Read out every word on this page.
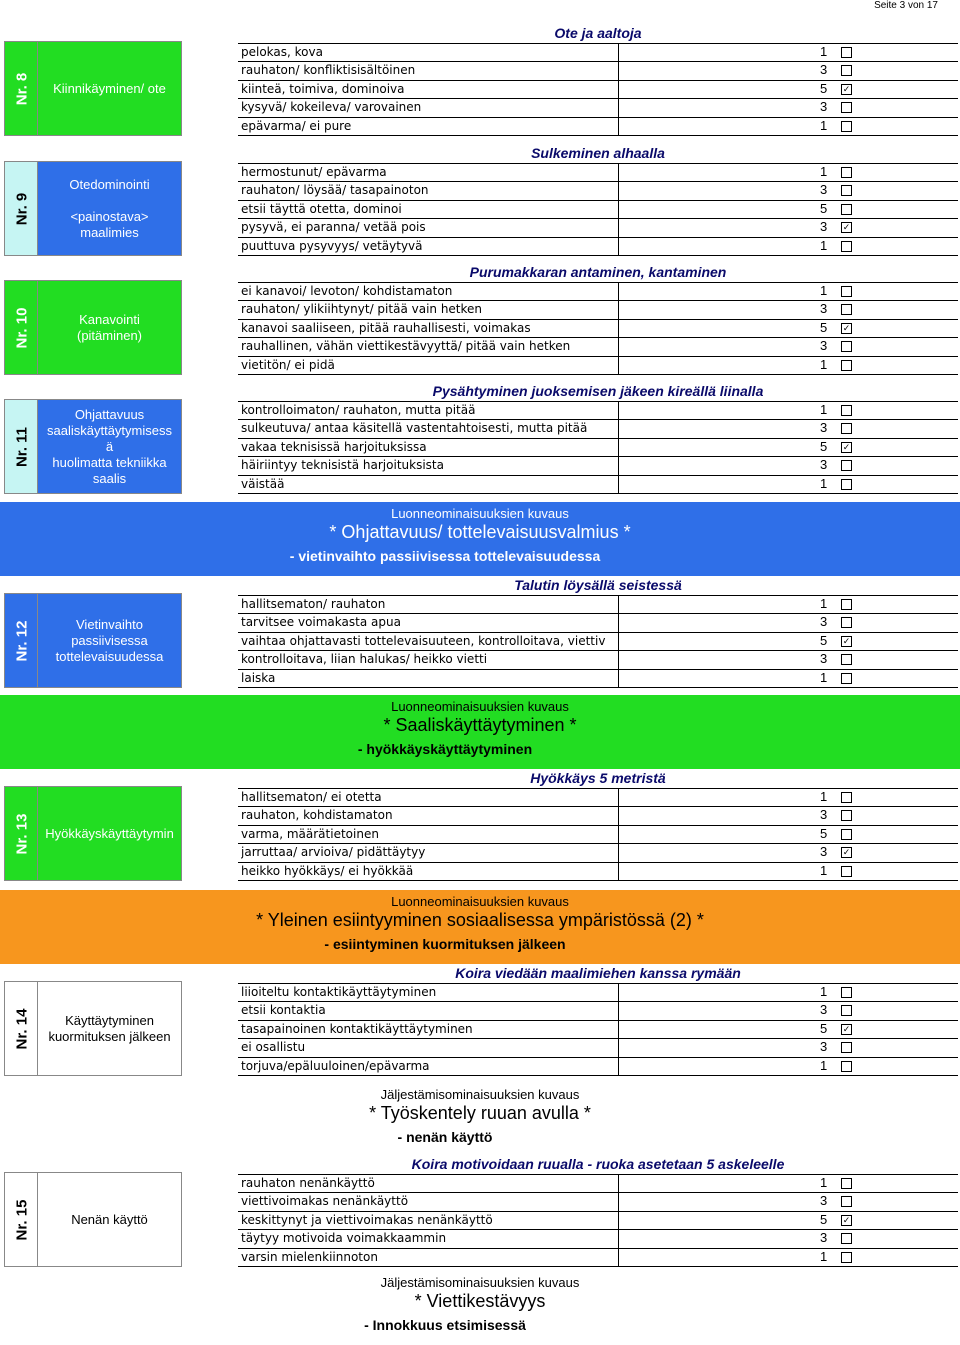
Seite 3 von 17
Ote ja aaltoja
Nr. 8 Kiinnikäyminen/ ote
pelokas, kova	1
rauhaton/ konfliktisisältöinen	3
kiinteä, toimiva, dominoiva	5 ✓
kysyvä/ kokeileva/ varovainen	3
epävarma/ ei pure	1
Sulkeminen alhaalla
Nr. 9
Otedominointi

<painostava>
maalimies
hermostunut/ epävarma	1
rauhaton/ löysää/ tasapainoton	3
etsii täyttä otetta, dominoi	5
pysyvä, ei paranna/ vetää pois	3 ✓
puuttuva pysyvyys/ vetäytyvä	1
Purumakkaran antaminen, kantaminen
Nr. 10	Kanavointi
(pitäminen)
ei kanavoi/ levoton/ kohdistamaton	1
rauhaton/ ylikiihtynyt/ pitää vain hetken	3
kanavoi saaliiseen, pitää rauhallisesti, voimakas	5 ✓
rauhallinen, vähän viettikestävyyttä/ pitää vain hetken	3
vietitön/ ei pidä	1
Pysähtyminen juoksemisen jäkeen kireällä liinalla
Nr. 11
Ohjattavuus
saaliskäyttäytymisess
ä
huolimatta tekniikka
saalis
kontrolloimaton/ rauhaton, mutta pitää	1
sulkeutuva/ antaa käsitellä vastentahtoisesti, mutta pitää	3
vakaa teknisissä harjoituksissa	5 ✓
häiriintyy teknisistä harjoituksista	3
väistää	1
Talutin löysällä seistessä
Nr. 12	Vietinvaihto
passiivisessa
tottelevaisuudessa
hallitsematon/ rauhaton	1
tarvitsee voimakasta apua	3
vaihtaa ohjattavasti tottelevaisuuteen, kontrolloitava, viettiv	5 ✓
kontrolloitava, liian halukas/ heikko vietti	3
laiska	1
Hyökkäys 5 metristä
Nr. 13 Hyökkäyskäyttäytymin
hallitsematon/ ei otetta	1
rauhaton, kohdistamaton	3
varma, määrätietoinen	5
jarruttaa/ arvioiva/ pidättäytyy	3 ✓
heikko hyökkäys/ ei hyökkää	1
Koira viedään maalimiehen kanssa rymään
Nr. 14	Käyttäytyminen
kuormituksen jälkeen
liioiteltu kontaktikäyttäytyminen	1
etsii kontaktia	3
tasapainoinen kontaktikäyttäytyminen	5 ✓
ei osallistu	3
torjuva/epäluuloinen/epävarma	1
Koira motivoidaan ruualla - ruoka asetetaan 5 askeleelle
Nr. 15	Nenän käyttö
rauhaton nenänkäyttö	1
viettivoimakas nenänkäyttö	3
keskittynyt ja viettivoimakas nenänkäyttö	5 ✓
täytyy motivoida voimakkaammin	3
varsin mielenkiinnoton	1
Luonneominaisuuksien kuvaus
* Ohjattavuus/ tottelevaisuusvalmius *
- vietinvaihto passiivisessa tottelevaisuudessa
Luonneominaisuuksien kuvaus
* Saaliskäyttäytyminen *
- hyökkäyskäyttäytyminen
Luonneominaisuuksien kuvaus
* Yleinen esiintyyminen sosiaalisessa ympäristössä (2) *
- esiintyminen kuormituksen jälkeen
Jäljestämisominaisuuksien kuvaus
* Työskentely ruuan avulla *
- nenän käyttö
Jäljestämisominaisuuksien kuvaus
* Viettikestävyys
- Innokkuus etsimisessä
